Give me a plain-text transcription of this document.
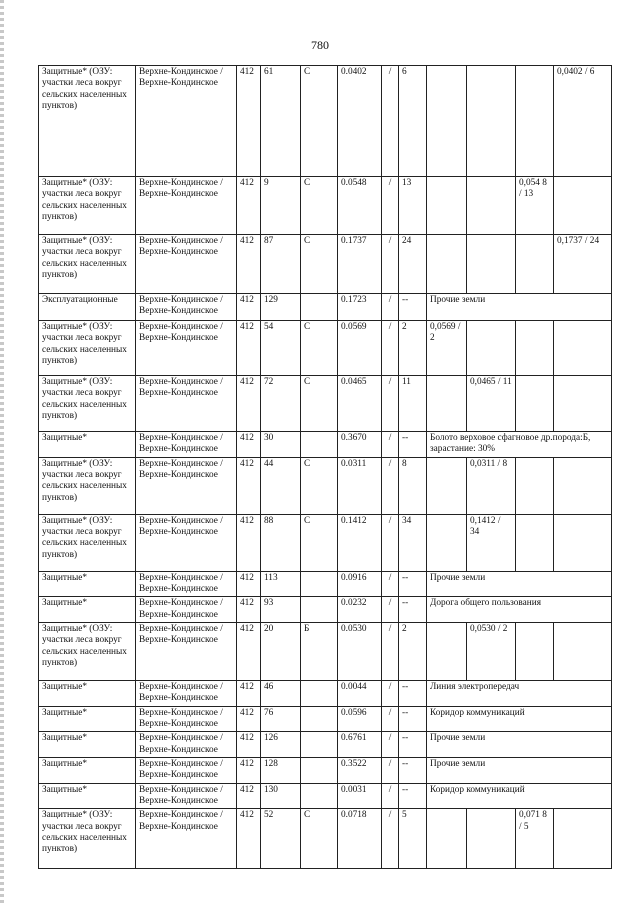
780
Защитные* (ОЗУ: участки леса вокруг сельских населенных пунктов)	Верхне-Кондинское / Верхне-Кондинское	412	61	С	0.0402	/	6				0,0402 / 6
Защитные* (ОЗУ: участки леса вокруг сельских населенных пунктов)	Верхне-Кондинское / Верхне-Кондинское	412	9	С	0.0548	/	13			0,054 8 / 13	
Защитные* (ОЗУ: участки леса вокруг сельских населенных пунктов)	Верхне-Кондинское / Верхне-Кондинское	412	87	С	0.1737	/	24				0,1737 / 24
Эксплуатационные	Верхне-Кондинское / Верхне-Кондинское	412	129		0.1723	/	--	Прочие земли			
Защитные* (ОЗУ: участки леса вокруг сельских населенных пунктов)	Верхне-Кондинское / Верхне-Кондинское	412	54	С	0.0569	/	2	0,0569 / 2			
Защитные* (ОЗУ: участки леса вокруг сельских населенных пунктов)	Верхне-Кондинское / Верхне-Кондинское	412	72	С	0.0465	/	11		0,0465 / 11		
Защитные*	Верхне-Кондинское / Верхне-Кондинское	412	30		0.3670	/	--	Болото верховое сфагновое др.порода:Б, зарастание: 30%			
Защитные* (ОЗУ: участки леса вокруг сельских населенных пунктов)	Верхне-Кондинское / Верхне-Кондинское	412	44	С	0.0311	/	8		0,0311 / 8		
Защитные* (ОЗУ: участки леса вокруг сельских населенных пунктов)	Верхне-Кондинское / Верхне-Кондинское	412	88	С	0.1412	/	34		0,1412 / 34		
Защитные*	Верхне-Кондинское / Верхне-Кондинское	412	113		0.0916	/	--	Прочие земли			
Защитные*	Верхне-Кондинское / Верхне-Кондинское	412	93		0.0232	/	--	Дорога общего пользования			
Защитные* (ОЗУ: участки леса вокруг сельских населенных пунктов)	Верхне-Кондинское / Верхне-Кондинское	412	20	Б	0.0530	/	2		0,0530 / 2		
Защитные*	Верхне-Кондинское / Верхне-Кондинское	412	46		0.0044	/	--	Линия электропередач			
Защитные*	Верхне-Кондинское / Верхне-Кондинское	412	76		0.0596	/	--	Коридор коммуникаций			
Защитные*	Верхне-Кондинское / Верхне-Кондинское	412	126		0.6761	/	--	Прочие земли			
Защитные*	Верхне-Кондинское / Верхне-Кондинское	412	128		0.3522	/	--	Прочие земли			
Защитные*	Верхне-Кондинское / Верхне-Кондинское	412	130		0.0031	/	--	Коридор коммуникаций			
Защитные* (ОЗУ: участки леса вокруг сельских населенных пунктов)	Верхне-Кондинское / Верхне-Кондинское	412	52	С	0.0718	/	5			0,071 8 / 5	
